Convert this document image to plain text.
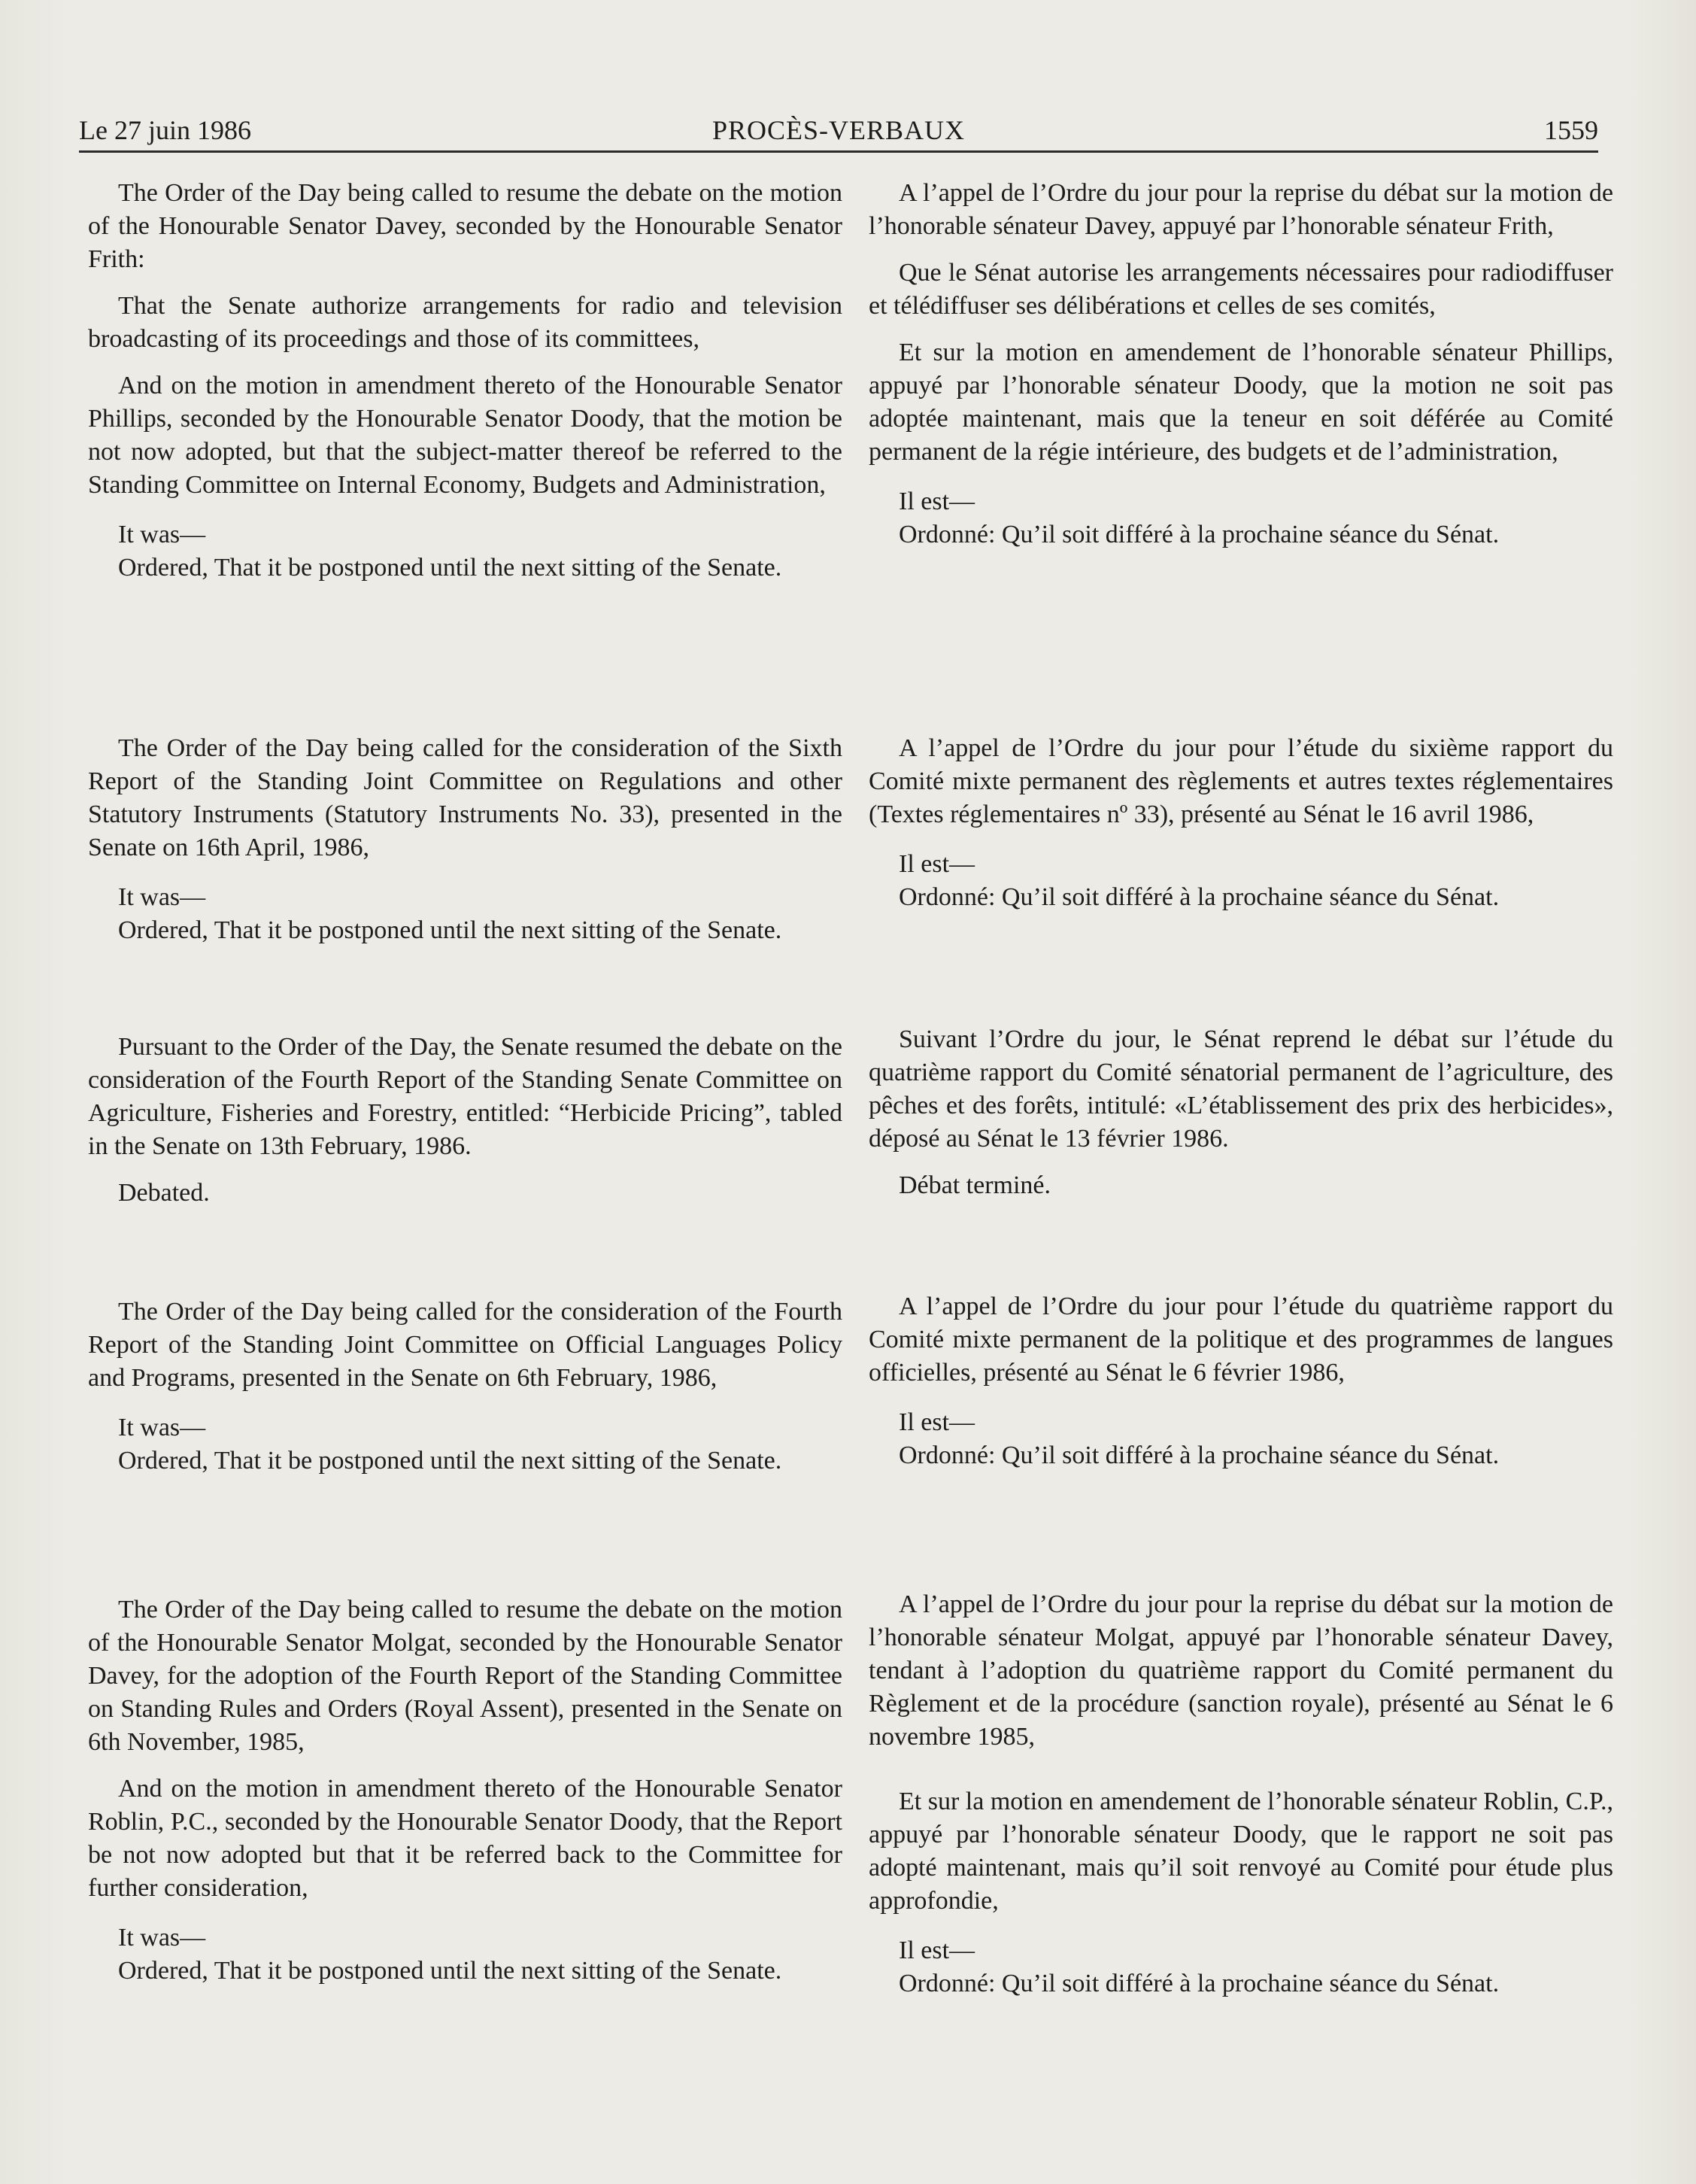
Le 27 juin 1986	PROCÈS-VERBAUX	1559

The Order of the Day being called to resume the debate on the motion of the Honourable Senator Davey, seconded by the Honourable Senator Frith:

That the Senate authorize arrangements for radio and television broadcasting of its proceedings and those of its committees,

And on the motion in amendment thereto of the Honourable Senator Phillips, seconded by the Honourable Senator Doody, that the motion be not now adopted, but that the subject-matter thereof be referred to the Standing Committee on Internal Economy, Budgets and Administration,

It was—

Ordered, That it be postponed until the next sitting of the Senate.

The Order of the Day being called for the consideration of the Sixth Report of the Standing Joint Committee on Regulations and other Statutory Instruments (Statutory Instruments No. 33), presented in the Senate on 16th April, 1986,

It was—

Ordered, That it be postponed until the next sitting of the Senate.

Pursuant to the Order of the Day, the Senate resumed the debate on the consideration of the Fourth Report of the Standing Senate Committee on Agriculture, Fisheries and Forestry, entitled: “Herbicide Pricing”, tabled in the Senate on 13th February, 1986.

Debated.

The Order of the Day being called for the consideration of the Fourth Report of the Standing Joint Committee on Official Languages Policy and Programs, presented in the Senate on 6th February, 1986,

It was—

Ordered, That it be postponed until the next sitting of the Senate.

The Order of the Day being called to resume the debate on the motion of the Honourable Senator Molgat, seconded by the Honourable Senator Davey, for the adoption of the Fourth Report of the Standing Committee on Standing Rules and Orders (Royal Assent), presented in the Senate on 6th November, 1985,

And on the motion in amendment thereto of the Honourable Senator Roblin, P.C., seconded by the Honourable Senator Doody, that the Report be not now adopted but that it be referred back to the Committee for further consideration,

It was—

Ordered, That it be postponed until the next sitting of the Senate.

A l’appel de l’Ordre du jour pour la reprise du débat sur la motion de l’honorable sénateur Davey, appuyé par l’honorable sénateur Frith,

Que le Sénat autorise les arrangements nécessaires pour radiodiffuser et télédiffuser ses délibérations et celles de ses comités,

Et sur la motion en amendement de l’honorable sénateur Phillips, appuyé par l’honorable sénateur Doody, que la motion ne soit pas adoptée maintenant, mais que la teneur en soit déférée au Comité permanent de la régie intérieure, des budgets et de l’administration,

Il est—

Ordonné: Qu’il soit différé à la prochaine séance du Sénat.

A l’appel de l’Ordre du jour pour l’étude du sixième rapport du Comité mixte permanent des règlements et autres textes réglementaires (Textes réglementaires nº 33), présenté au Sénat le 16 avril 1986,

Il est—

Ordonné: Qu’il soit différé à la prochaine séance du Sénat.

Suivant l’Ordre du jour, le Sénat reprend le débat sur l’étude du quatrième rapport du Comité sénatorial permanent de l’agriculture, des pêches et des forêts, intitulé: «L’établissement des prix des herbicides», déposé au Sénat le 13 février 1986.

Débat terminé.

A l’appel de l’Ordre du jour pour l’étude du quatrième rapport du Comité mixte permanent de la politique et des programmes de langues officielles, présenté au Sénat le 6 février 1986,

Il est—

Ordonné: Qu’il soit différé à la prochaine séance du Sénat.

A l’appel de l’Ordre du jour pour la reprise du débat sur la motion de l’honorable sénateur Molgat, appuyé par l’honorable sénateur Davey, tendant à l’adoption du quatrième rapport du Comité permanent du Règlement et de la procédure (sanction royale), présenté au Sénat le 6 novembre 1985,

Et sur la motion en amendement de l’honorable sénateur Roblin, C.P., appuyé par l’honorable sénateur Doody, que le rapport ne soit pas adopté maintenant, mais qu’il soit renvoyé au Comité pour étude plus approfondie,

Il est—

Ordonné: Qu’il soit différé à la prochaine séance du Sénat.
